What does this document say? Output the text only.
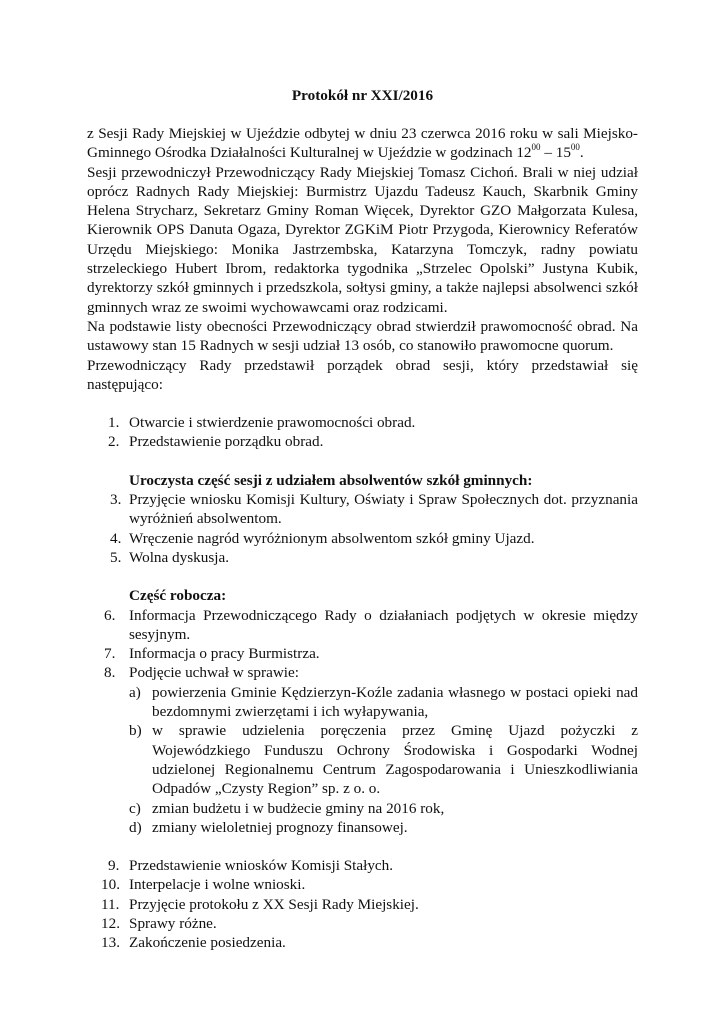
Protokół nr XXI/2016

z Sesji Rady Miejskiej w Ujeździe odbytej w dniu 23 czerwca 2016 roku w sali Miejsko-Gminnego Ośrodka Działalności Kulturalnej w Ujeździe w godzinach $12^{00} - 15^{00}$.

Sesji przewodniczył Przewodniczący Rady Miejskiej Tomasz Cichoń. Brali w niej udział oprócz Radnych Rady Miejskiej: Burmistrz Ujazdu Tadeusz Kauch, Skarbnik Gminy Helena Strycharz, Sekretarz Gminy Roman Więcek, Dyrektor GZO Małgorzata Kulesa, Kierownik OPS Danuta Ogaza, Dyrektor ZGKiM Piotr Przygoda, Kierownicy Referatów Urzędu Miejskiego: Monika Jastrzembska, Katarzyna Tomczyk, radny powiatu strzeleckiego Hubert Ibrom, redaktorka tygodnika „Strzelec Opolski” Justyna Kubik, dyrektorzy szkół gminnych i przedszkola, sołtysi gminy, a także najlepsi absolwenci szkół gminnych wraz ze swoimi wychowawcami oraz rodzicami.

Na podstawie listy obecności Przewodniczący obrad stwierdził prawomocność obrad. Na ustawowy stan 15 Radnych w sesji udział 13 osób, co stanowiło prawomocne quorum.

Przewodniczący Rady przedstawił porządek obrad sesji, który przedstawiał się następująco:

1. Otwarcie i stwierdzenie prawomocności obrad.
2. Przedstawienie porządku obrad.
Uroczysta część sesji z udziałem absolwentów szkół gminnych:
3. Przyjęcie wniosku Komisji Kultury, Oświaty i Spraw Społecznych dot. przyznania wyróżnień absolwentom.
4. Wręczenie nagród wyróżnionym absolwentom szkół gminy Ujazd.
5. Wolna dyskusja.
Część robocza:
6. Informacja Przewodniczącego Rady o działaniach podjętych w okresie między sesyjnym.
7. Informacja o pracy Burmistrza.
8. Podjęcie uchwał w sprawie:
a) powierzenia Gminie Kędzierzyn-Koźle zadania własnego w postaci opieki nad bezdomnymi zwierzętami i ich wyłapywania,
b) w sprawie udzielenia poręczenia przez Gminę Ujazd pożyczki z Wojewódzkiego Funduszu Ochrony Środowiska i Gospodarki Wodnej udzielonej Regionalnemu Centrum Zagospodarowania i Unieszkodliwiania Odpadów „Czysty Region” sp. z o. o.
c) zmian budżetu i w budżecie gminy na 2016 rok,
d) zmiany wieloletniej prognozy finansowej.
9. Przedstawienie wniosków Komisji Stałych.
10. Interpelacje i wolne wnioski.
11. Przyjęcie protokołu z XX Sesji Rady Miejskiej.
12. Sprawy różne.
13. Zakończenie posiedzenia.
